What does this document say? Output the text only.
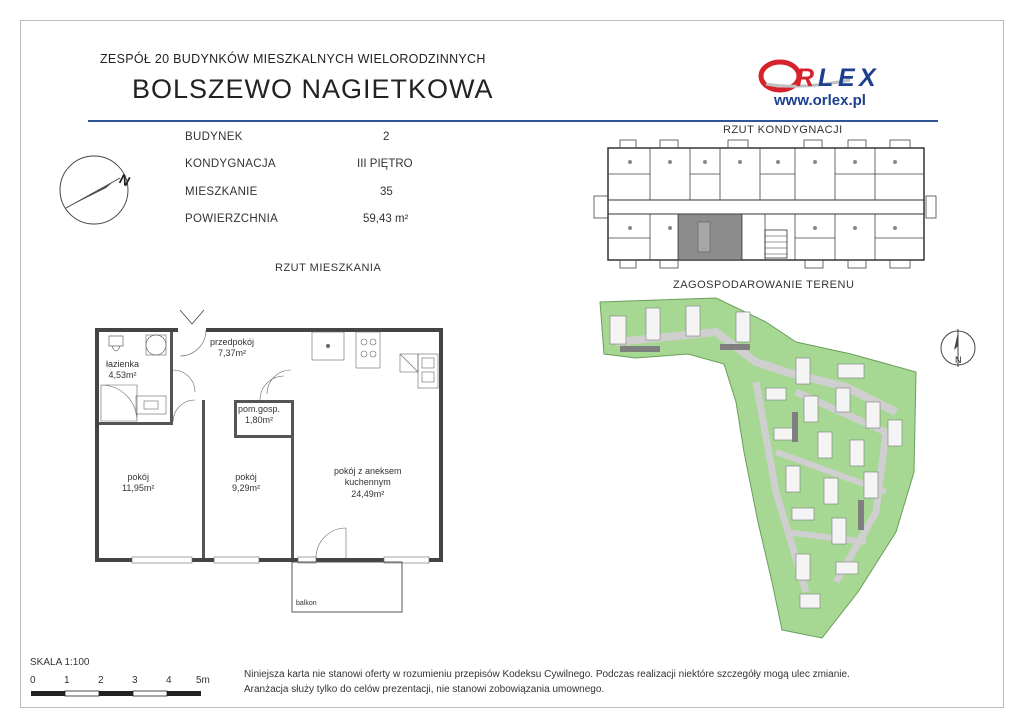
ZESPÓŁ 20 BUDYNKÓW MIESZKALNYCH WIELORODZINNYCH
BOLSZEWO NAGIETKOWA	R L E X
www.orlex.pl
N
BUDYNEK	2
KONDYGNACJA	III PIĘTRO
MIESZKANIE	35
POWIERZCHNIA	59,43 m²
RZUT MIESZKANIA
RZUT KONDYGNACJI
ZAGOSPODAROWANIE TERENU
łazienka
4,53m²
przedpokój
7,37m²
pom.gosp.
1,80m²
pokój
11,95m²
pokój
9,29m²
pokój z aneksem
kuchennym
24,49m²
balkon
N
SKALA 1:100
0	1	2	3	4 5m
Niniejsza karta nie stanowi oferty w rozumieniu przepisów Kodeksu Cywilnego. Podczas realizacji niektóre szczegóły mogą ulec zmianie.
Aranżacja służy tylko do celów prezentacji, nie stanowi zobowiązania umownego.
